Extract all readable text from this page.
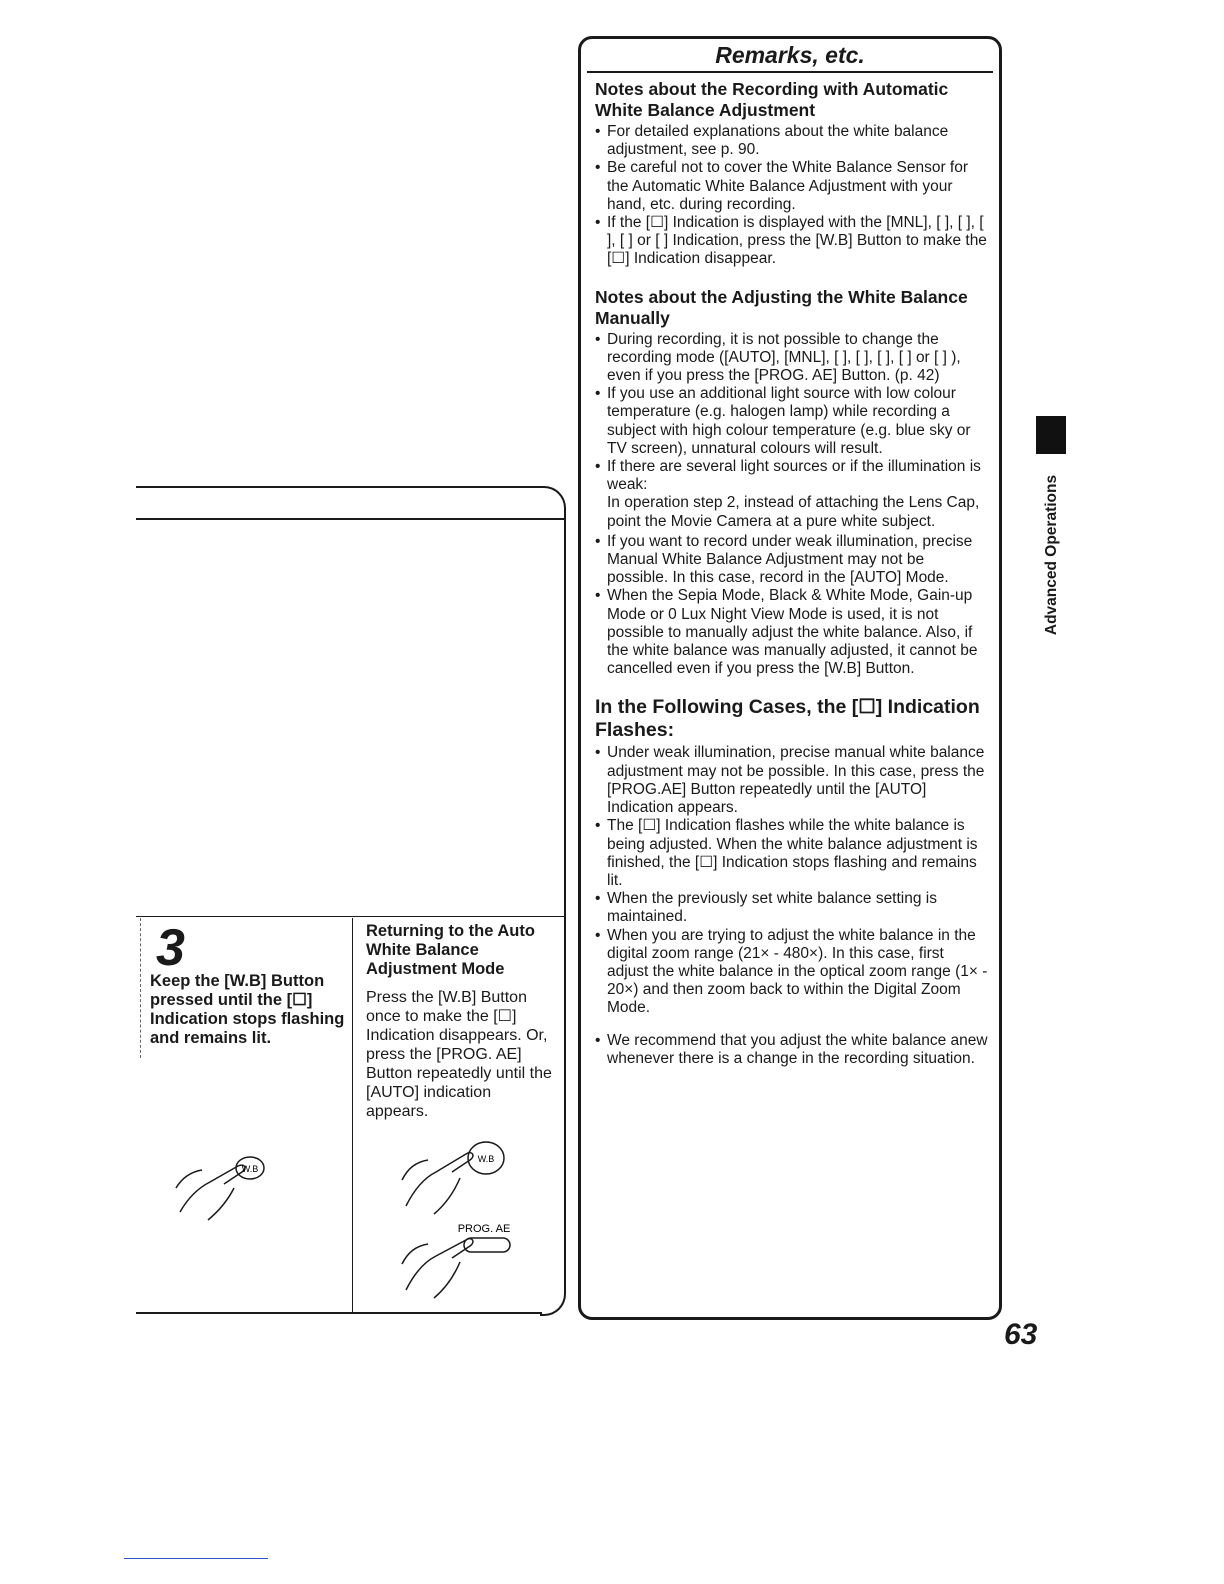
Remarks, etc.

Notes about the Recording with Automatic White Balance Adjustment

• For detailed explanations about the white balance adjustment, see p. 90.
• Be careful not to cover the White Balance Sensor for the Automatic White Balance Adjustment with your hand, etc. during recording.
• If the [☐] Indication is displayed with the [MNL], [ ], [ ], [ ], [ ] or [ ] Indication, press the [W.B] Button to make the [☐] Indication disappear.

Notes about the Adjusting the White Balance Manually

• During recording, it is not possible to change the recording mode ([AUTO], [MNL], [ ], [ ], [ ], [ ] or [ ] ), even if you press the [PROG. AE] Button. (p. 42)
• If you use an additional light source with low colour temperature (e.g. halogen lamp) while recording a subject with high colour temperature (e.g. blue sky or TV screen), unnatural colours will result.
• If there are several light sources or if the illumination is weak:
In operation step 2, instead of attaching the Lens Cap, point the Movie Camera at a pure white subject.
• If you want to record under weak illumination, precise Manual White Balance Adjustment may not be possible. In this case, record in the [AUTO] Mode.
• When the Sepia Mode, Black & White Mode, Gain-up Mode or 0 Lux Night View Mode is used, it is not possible to manually adjust the white balance. Also, if the white balance was manually adjusted, it cannot be cancelled even if you press the [W.B] Button.

In the Following Cases, the [☐] Indication Flashes:

• Under weak illumination, precise manual white balance adjustment may not be possible. In this case, press the [PROG.AE] Button repeatedly until the [AUTO] Indication appears.
• The [☐] Indication flashes while the white balance is being adjusted. When the white balance adjustment is finished, the [☐] Indication stops flashing and remains lit.
• When the previously set white balance setting is maintained.
• When you are trying to adjust the white balance in the digital zoom range (21× - 480×). In this case, first adjust the white balance in the optical zoom range (1× - 20×) and then zoom back to within the Digital Zoom Mode.
• We recommend that you adjust the white balance anew whenever there is a change in the recording situation.
3
Keep the [W.B] Button pressed until the [☐] Indication stops flashing and remains lit.
Returning to the Auto White Balance Adjustment Mode
Press the [W.B] Button once to make the [☐] Indication disappears. Or, press the [PROG. AE] Button repeatedly until the [AUTO] indication appears.
W.B
W.B
PROG. AE
Advanced Operations
63
